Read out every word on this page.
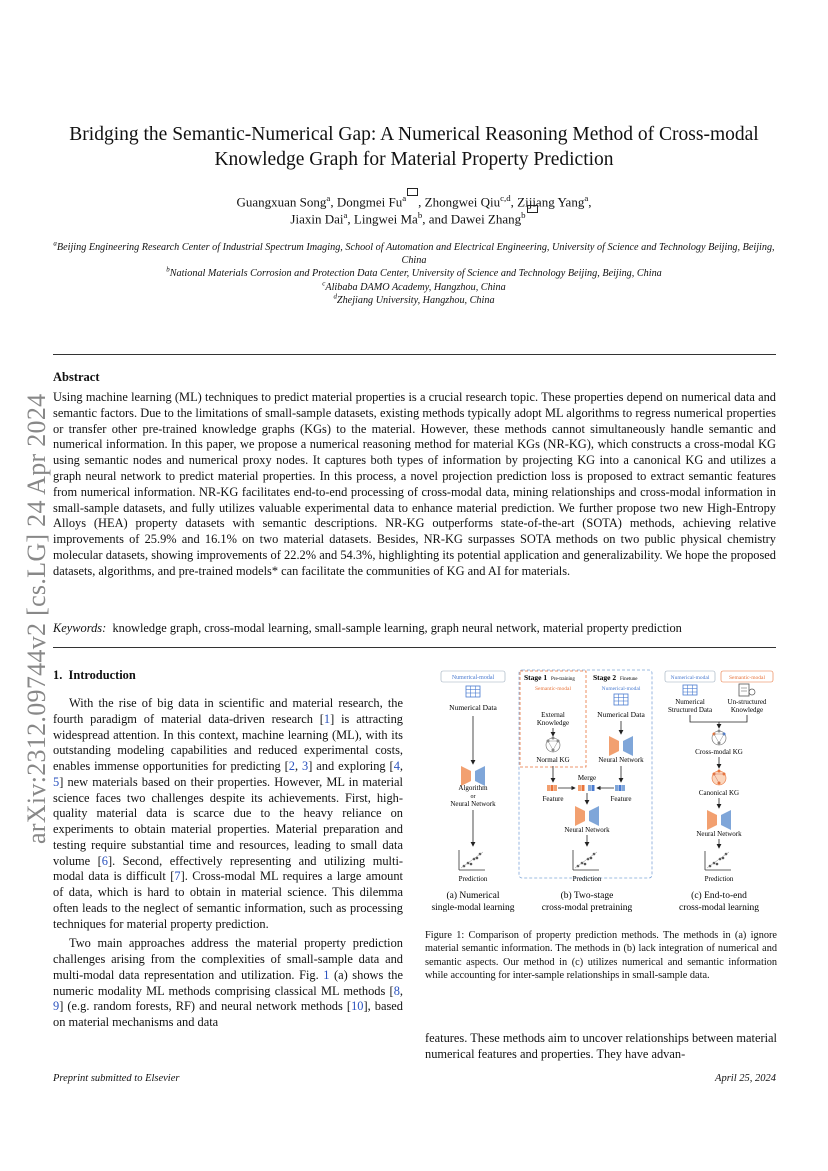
arXiv:2312.09744v2 [cs.LG] 24 Apr 2024
Bridging the Semantic-Numerical Gap: A Numerical Reasoning Method of Cross-modal Knowledge Graph for Material Property Prediction
Guangxuan Song$^a$, Dongmei Fu$^a$ , Zhongwei Qiu$^{c,d}$, Zijiang Yang$^a$,
Jiaxin Dai$^a$, Lingwei Ma$^b$, and Dawei Zhang$^b$
$^a$Beijing Engineering Research Center of Industrial Spectrum Imaging, School of Automation and Electrical Engineering, University of Science and Technology Beijing, Beijing, China
$^b$National Materials Corrosion and Protection Data Center, University of Science and Technology Beijing, Beijing, China
$^c$Alibaba DAMO Academy, Hangzhou, China
$^d$Zhejiang University, Hangzhou, China
Abstract
Using machine learning (ML) techniques to predict material properties is a crucial research topic. These properties depend on numerical data and semantic factors. Due to the limitations of small-sample datasets, existing methods typically adopt ML algorithms to regress numerical properties or transfer other pre-trained knowledge graphs (KGs) to the material. However, these methods cannot simultaneously handle semantic and numerical information. In this paper, we propose a numerical reasoning method for material KGs (NR-KG), which constructs a cross-modal KG using semantic nodes and numerical proxy nodes. It captures both types of information by projecting KG into a canonical KG and utilizes a graph neural network to predict material properties. In this process, a novel projection prediction loss is proposed to extract semantic features from numerical information. NR-KG facilitates end-to-end processing of cross-modal data, mining relationships and cross-modal information in small-sample datasets, and fully utilizes valuable experimental data to enhance material prediction. We further propose two new High-Entropy Alloys (HEA) property datasets with semantic descriptions. NR-KG outperforms state-of-the-art (SOTA) methods, achieving relative improvements of 25.9% and 16.1% on two material datasets. Besides, NR-KG surpasses SOTA methods on two public physical chemistry molecular datasets, showing improvements of 22.2% and 54.3%, highlighting its potential application and generalizability. We hope the proposed datasets, algorithms, and pre-trained models* can facilitate the communities of KG and AI for materials.
Keywords: knowledge graph, cross-modal learning, small-sample learning, graph neural network, material property prediction
1. Introduction

With the rise of big data in scientific and material research, the fourth paradigm of material data-driven research [1] is attracting widespread attention. In this context, machine learning (ML), with its outstanding modeling capabilities and reduced experimental costs, enables immense opportunities for predicting [2, 3] and exploring [4, 5] new materials based on their properties. However, ML in material science faces two challenges despite its achievements. First, high-quality material data is scarce due to the heavy reliance on experiments to obtain material properties. Material preparation and testing require substantial time and resources, leading to small data volume [6]. Second, effectively representing and utilizing multi-modal data is difficult [7]. Cross-modal ML requires a large amount of data, which is hard to obtain in material science. This dilemma often leads to the neglect of semantic information, such as processing techniques for material property prediction.

Two main approaches address the material property prediction challenges arising from the complexities of small-sample data and multi-modal data representation and utilization. Fig. 1 (a) shows the numeric modality ML methods comprising classical ML methods [8, 9] (e.g. random forests, RF) and neural network methods [10], based on material mechanisms and data

Numerical-modal
Numerical Data
Algorithm
or
Neural Network
Prediction
(a) Numerical
single-modal learning
Stage 1 Pre-training Stage 2 Finetune
Semantic-modal	Numerical-modal
External
Knowledge
Numerical Data
Normal KG	Neural Network
Merge
Feature	Feature
Neural Network
Prediction
(b) Two-stage
cross-modal pretraining
Numerical-modal	Semantic-modal
Numerical
Structured Data
Un-structured
Knowledge
Cross-modal KG
Canonical KG
Neural Network
Prediction
(c) End-to-end
cross-modal learning
Figure 1: Comparison of property prediction methods. The methods in (a) ignore material semantic information. The methods in (b) lack integration of numerical and semantic aspects. Our method in (c) utilizes numerical and semantic information while accounting for inter-sample relationships in small-sample data.
features. These methods aim to uncover relationships between material numerical features and properties. They have advan-
Preprint submitted to Elsevier	April 25, 2024
